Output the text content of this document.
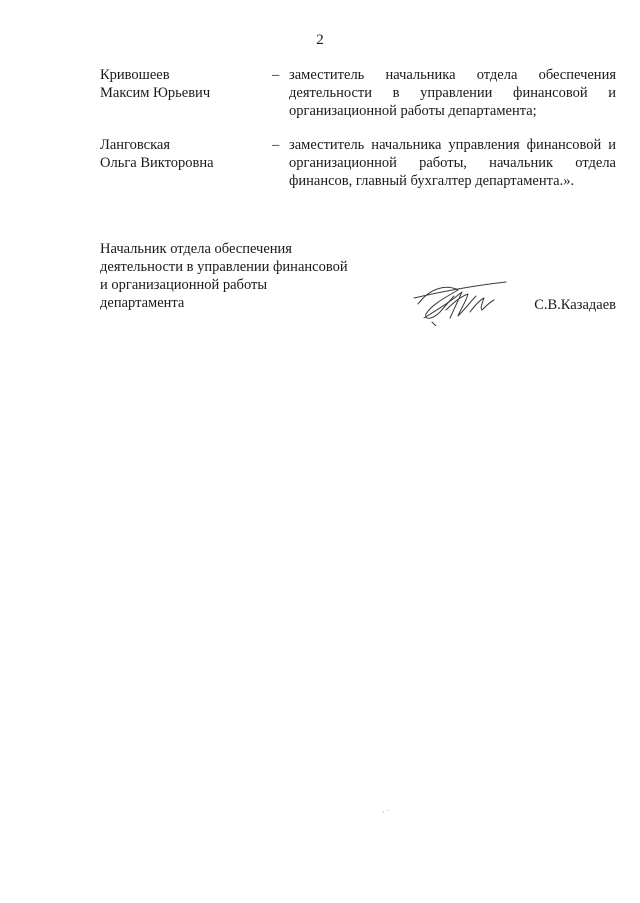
2
Кривошеев
Максим Юрьевич
– заместитель начальника отдела обеспечения деятельности в управлении финансовой и организационной работы департамента;
Ланговская
Ольга Викторовна
– заместитель начальника управления финансовой и организационной работы, начальник отдела финансов, главный бухгалтер департамента.».
Начальник отдела обеспечения
деятельности в управлении финансовой
и организационной работы
департамента	С.В.Казадаев
· ˙
